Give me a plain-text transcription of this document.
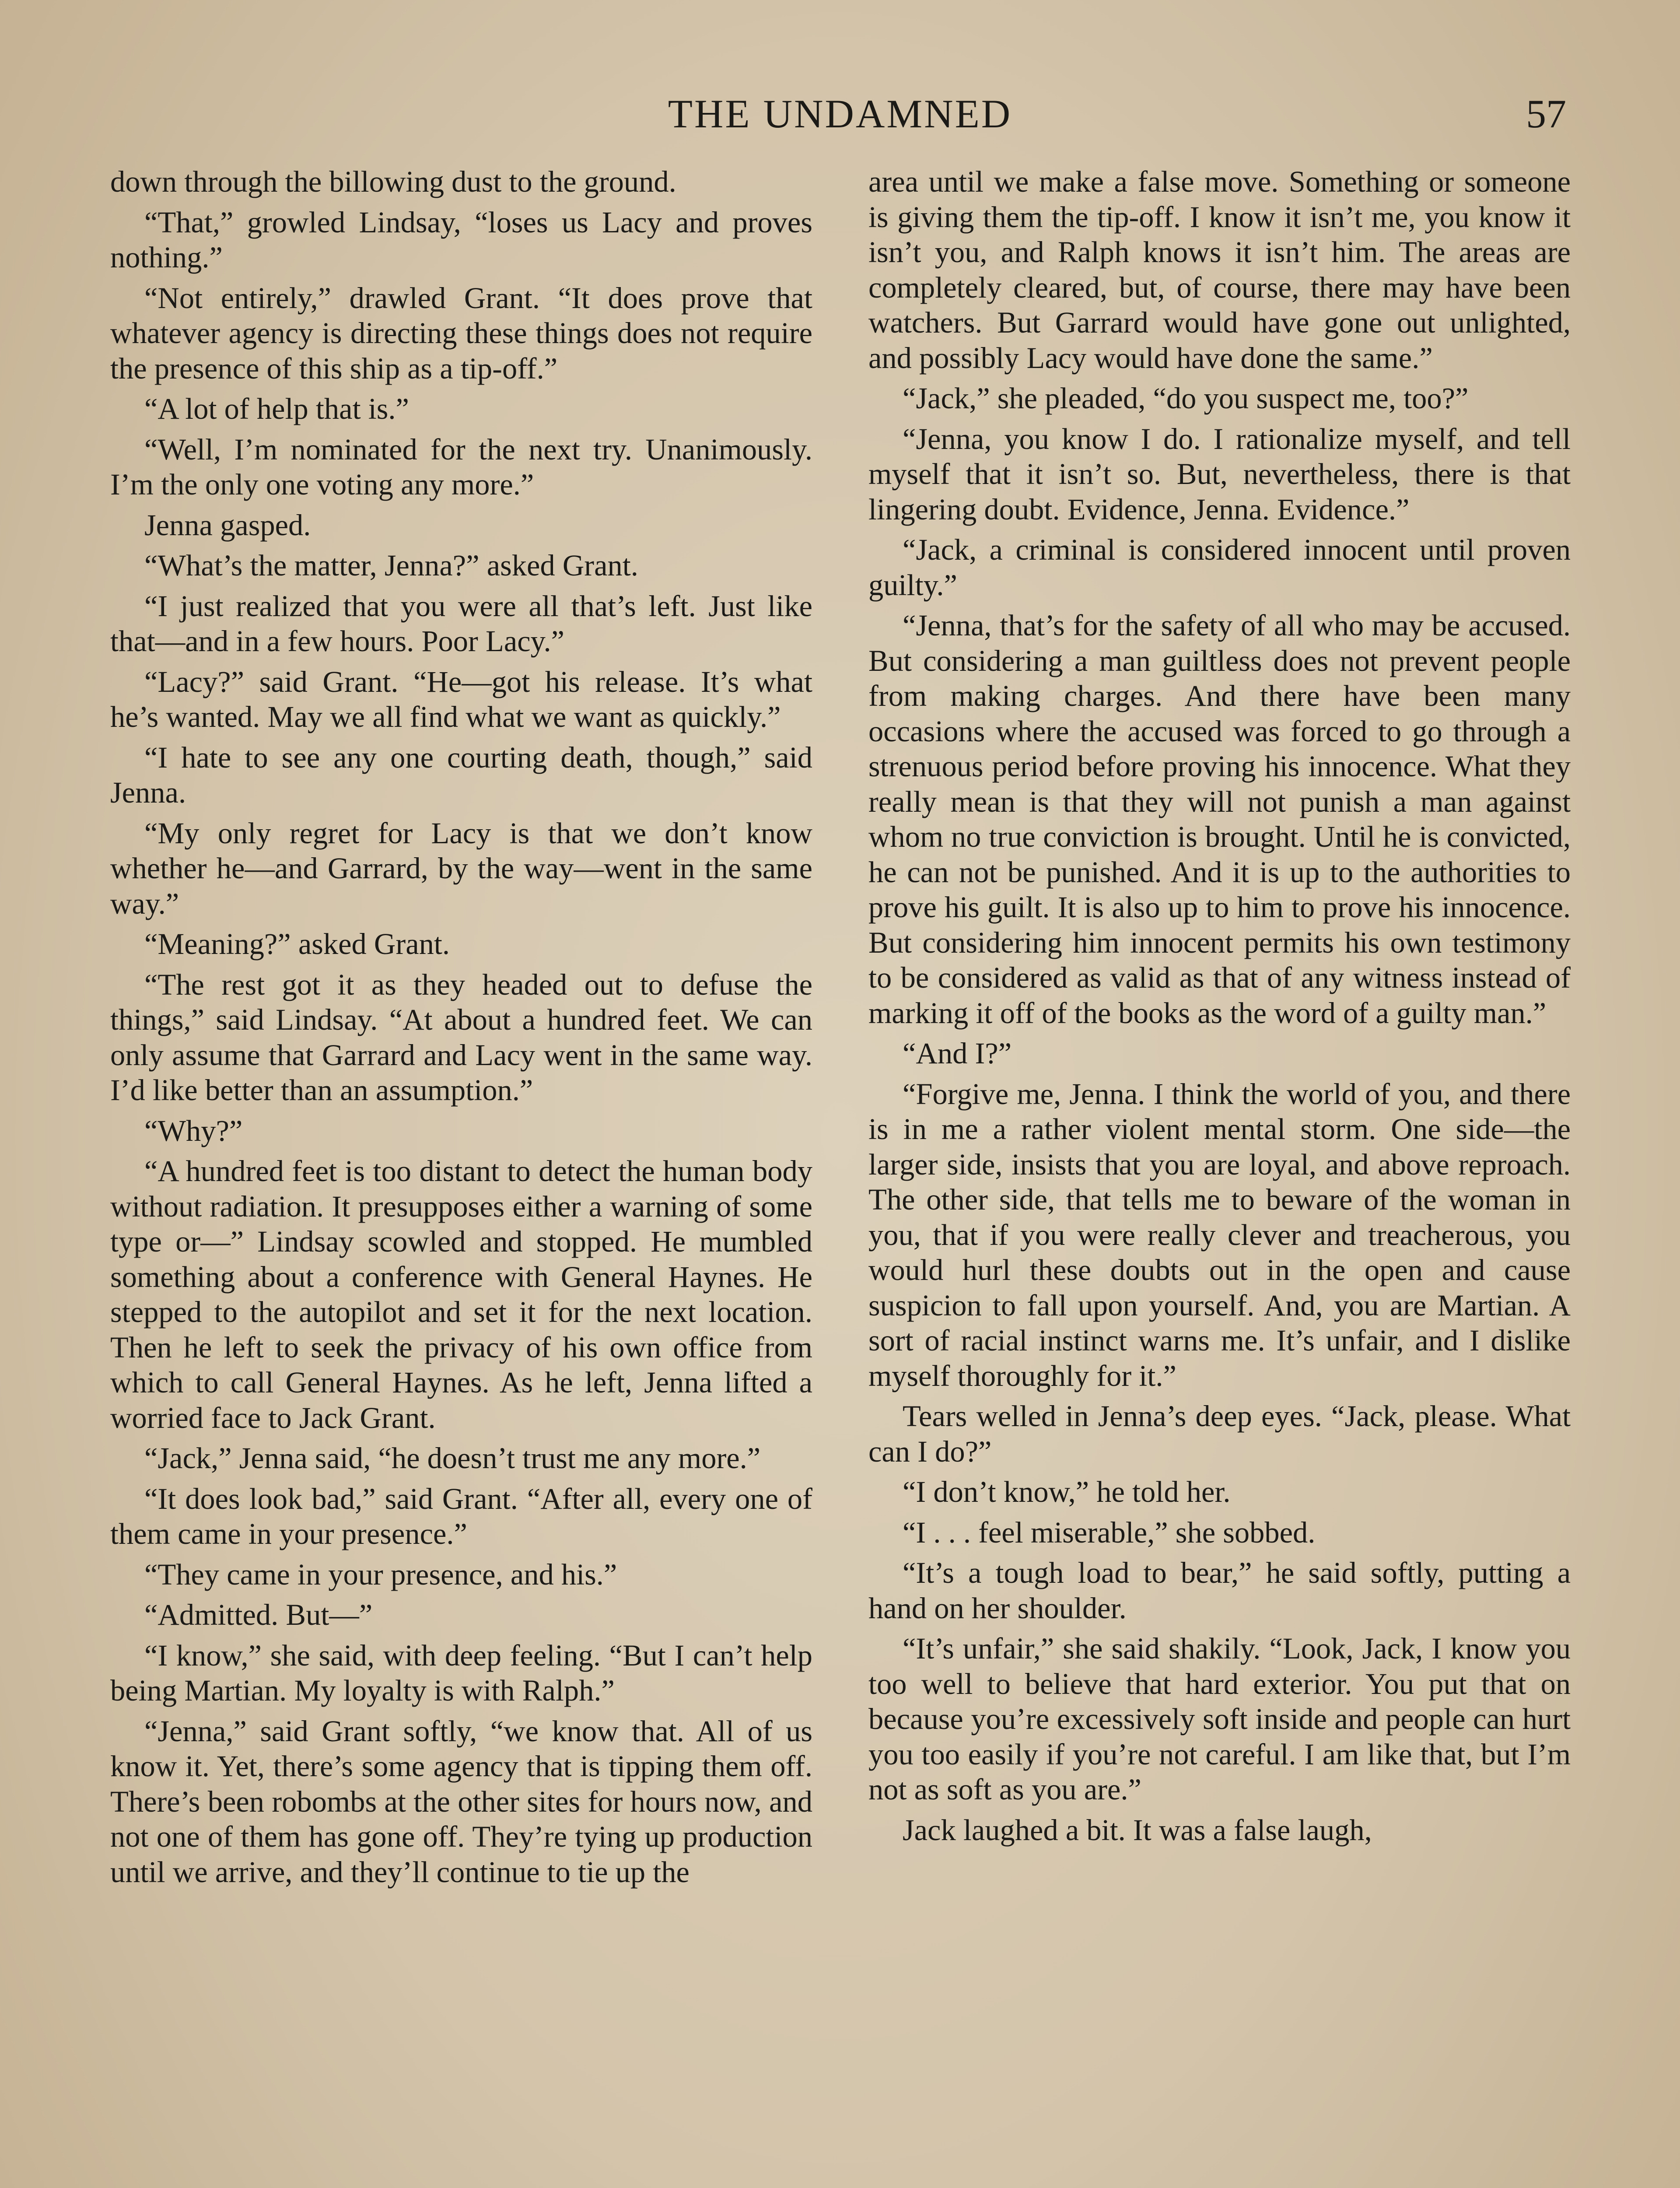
THE UNDAMNED	57

down through the billowing dust to the ground.

“That,” growled Lindsay, “loses us Lacy and proves nothing.”

“Not entirely,” drawled Grant. “It does prove that whatever agency is directing these things does not require the presence of this ship as a tip-off.”

“A lot of help that is.”

“Well, I’m nominated for the next try. Unanimously. I’m the only one voting any more.”

Jenna gasped.

“What’s the matter, Jenna?” asked Grant.

“I just realized that you were all that’s left. Just like that—and in a few hours. Poor Lacy.”

“Lacy?” said Grant. “He—got his release. It’s what he’s wanted. May we all find what we want as quickly.”

“I hate to see any one courting death, though,” said Jenna.

“My only regret for Lacy is that we don’t know whether he—and Garrard, by the way—went in the same way.”

“Meaning?” asked Grant.

“The rest got it as they headed out to defuse the things,” said Lindsay. “At about a hundred feet. We can only assume that Garrard and Lacy went in the same way. I’d like better than an assumption.”

“Why?”

“A hundred feet is too distant to detect the human body without radiation. It presupposes either a warning of some type or—” Lindsay scowled and stopped. He mumbled something about a conference with General Haynes. He stepped to the autopilot and set it for the next location. Then he left to seek the privacy of his own office from which to call General Haynes. As he left, Jenna lifted a worried face to Jack Grant.

“Jack,” Jenna said, “he doesn’t trust me any more.”

“It does look bad,” said Grant. “After all, every one of them came in your presence.”

“They came in your presence, and his.”

“Admitted. But—”

“I know,” she said, with deep feeling. “But I can’t help being Martian. My loyalty is with Ralph.”

“Jenna,” said Grant softly, “we know that. All of us know it. Yet, there’s some agency that is tipping them off. There’s been robombs at the other sites for hours now, and not one of them has gone off. They’re tying up production until we arrive, and they’ll continue to tie up the

area until we make a false move. Something or someone is giving them the tip-off. I know it isn’t me, you know it isn’t you, and Ralph knows it isn’t him. The areas are completely cleared, but, of course, there may have been watchers. But Garrard would have gone out unlighted, and possibly Lacy would have done the same.”

“Jack,” she pleaded, “do you suspect me, too?”

“Jenna, you know I do. I rationalize myself, and tell myself that it isn’t so. But, nevertheless, there is that lingering doubt. Evidence, Jenna. Evidence.”

“Jack, a criminal is considered innocent until proven guilty.”

“Jenna, that’s for the safety of all who may be accused. But considering a man guiltless does not prevent people from making charges. And there have been many occasions where the accused was forced to go through a strenuous period before proving his innocence. What they really mean is that they will not punish a man against whom no true conviction is brought. Until he is convicted, he can not be punished. And it is up to the authorities to prove his guilt. It is also up to him to prove his innocence. But considering him innocent permits his own testimony to be considered as valid as that of any witness instead of marking it off of the books as the word of a guilty man.”

“And I?”

“Forgive me, Jenna. I think the world of you, and there is in me a rather violent mental storm. One side—the larger side, insists that you are loyal, and above reproach. The other side, that tells me to beware of the woman in you, that if you were really clever and treacherous, you would hurl these doubts out in the open and cause suspicion to fall upon yourself. And, you are Martian. A sort of racial instinct warns me. It’s unfair, and I dislike myself thoroughly for it.”

Tears welled in Jenna’s deep eyes. “Jack, please. What can I do?”

“I don’t know,” he told her.

“I . . . feel miserable,” she sobbed.

“It’s a tough load to bear,” he said softly, putting a hand on her shoulder.

“It’s unfair,” she said shakily. “Look, Jack, I know you too well to believe that hard exterior. You put that on because you’re excessively soft inside and people can hurt you too easily if you’re not careful. I am like that, but I’m not as soft as you are.”

Jack laughed a bit. It was a false laugh,
